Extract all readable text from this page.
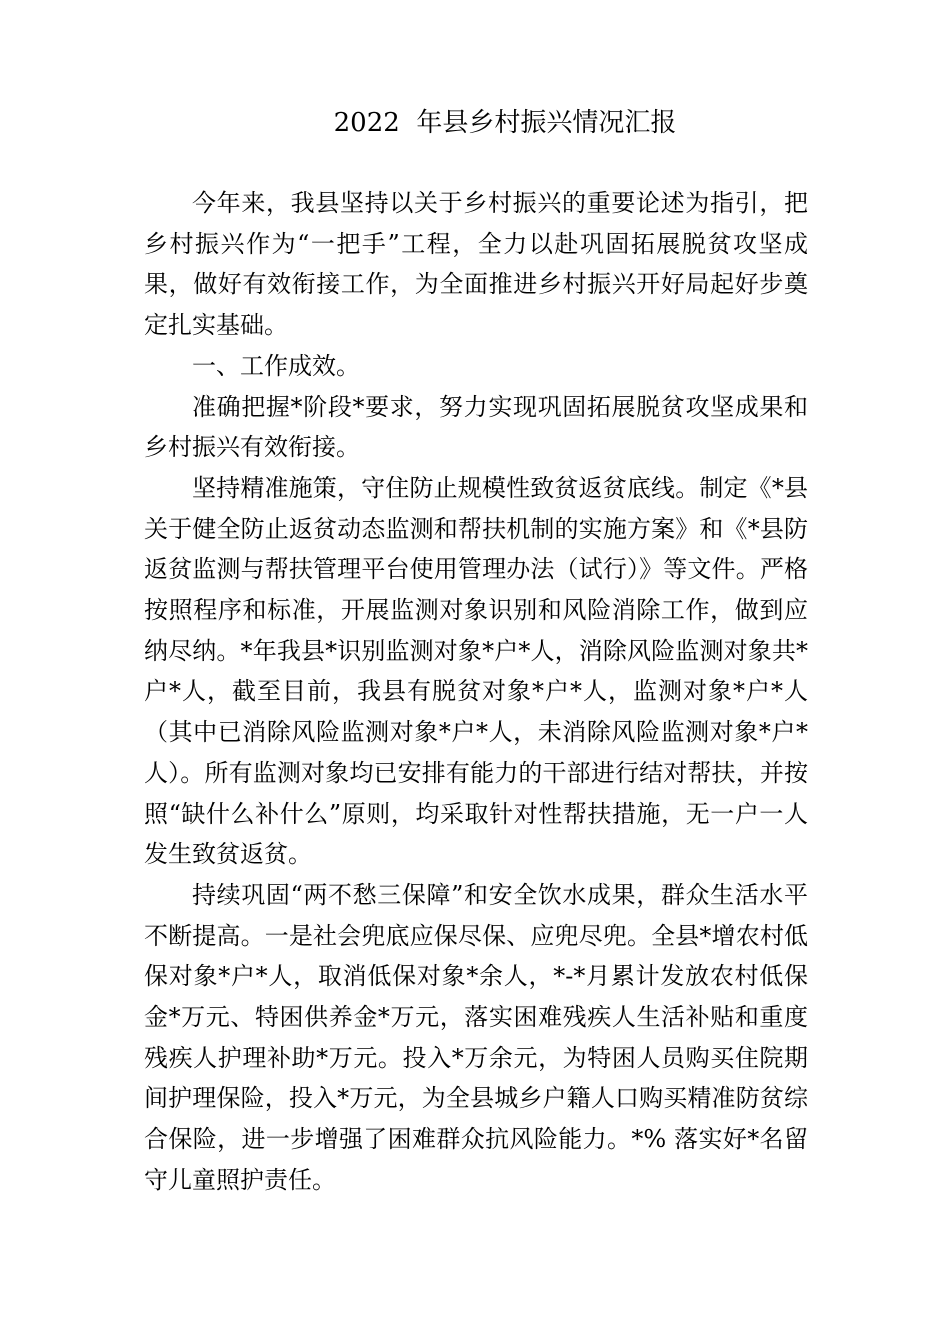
2022  年县乡村振兴情况汇报

今年来，我县坚持以关于乡村振兴的重要论述为指引，把乡村振兴作为“一把手”工程，全力以赴巩固拓展脱贫攻坚成果，做好有效衔接工作，为全面推进乡村振兴开好局起好步奠定扎实基础。

一、工作成效。

准确把握*阶段*要求，努力实现巩固拓展脱贫攻坚成果和乡村振兴有效衔接。

坚持精准施策，守住防止规模性致贫返贫底线。制定《*县关于健全防止返贫动态监测和帮扶机制的实施方案》和《*县防返贫监测与帮扶管理平台使用管理办法（试行）》等文件。严格按照程序和标准，开展监测对象识别和风险消除工作，做到应纳尽纳。*年我县*识别监测对象*户*人，消除风险监测对象共*户*人，截至目前，我县有脱贫对象*户*人，监测对象*户*人（其中已消除风险监测对象*户*人，未消除风险监测对象*户*人）。所有监测对象均已安排有能力的干部进行结对帮扶，并按照“缺什么补什么”原则，均采取针对性帮扶措施，无一户一人发生致贫返贫。

持续巩固“两不愁三保障”和安全饮水成果，群众生活水平不断提高。一是社会兜底应保尽保、应兜尽兜。全县*增农村低保对象*户*人，取消低保对象*余人，*-*月累计发放农村低保金*万元、特困供养金*万元，落实困难残疾人生活补贴和重度残疾人护理补助*万元。投入*万余元，为特困人员购买住院期间护理保险，投入*万元，为全县城乡户籍人口购买精准防贫综合保险，进一步增强了困难群众抗风险能力。*% 落实好*名留守儿童照护责任。
